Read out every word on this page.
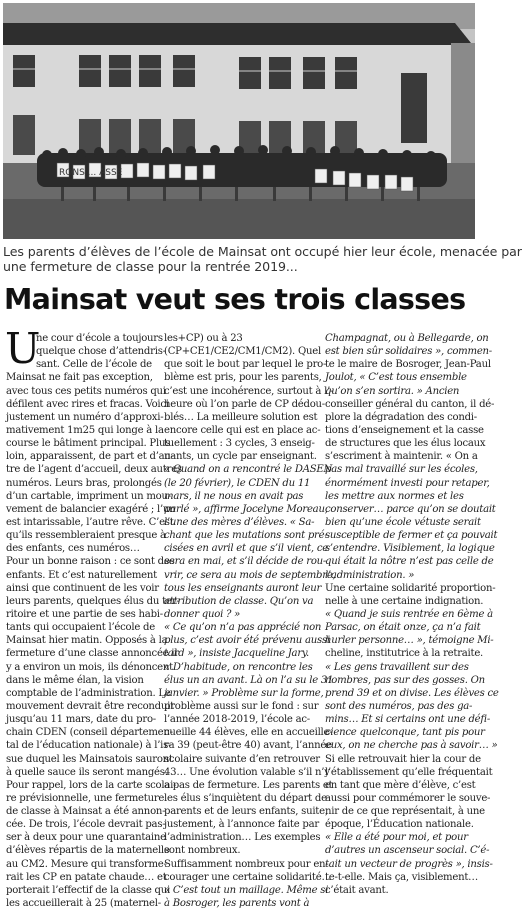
RONS ... ASSE
Les parents d’élèves de l’école de Mainsat ont occupé hier leur école, menacée par
une fermeture de classe pour la rentrée 2019...
Mainsat veut ses trois classes
U
ne cour d’école a toujours
quelque chose d’attendris-
sant. Celle de l’école de
Mainsat ne fait pas exception,
avec tous ces petits numéros qui
défilent avec rires et fracas. Voici
justement un numéro d’approxi-
mativement 1m25 qui longe à la
course le bâtiment principal. Plus
loin, apparaissent, de part et d’au-
tre de l’agent d’accueil, deux autres
numéros. Leurs bras, prolongés
d’un cartable, impriment un mou-
vement de balancier exagéré ; l’un
est intarissable, l’autre rêve. C’est
qu’ils ressembleraient presque à
des enfants, ces numéros…
Pour un bonne raison : ce sont des
enfants. Et c’est naturellement
ainsi que continuent de les voir
leurs parents, quelques élus du ter-
ritoire et une partie de ses habi-
tants qui occupaient l’école de
Mainsat hier matin. Opposés à la
fermeture d’une classe annoncée il
y a environ un mois, ils dénoncent
dans le même élan, la vision
comptable de l’administration. Le
mouvement devrait être reconduit
jusqu’au 11 mars, date du pro-
chain CDEN (conseil départemen-
tal de l’éducation nationale) à l’is-
sue duquel les Mainsatois sauront
à quelle sauce ils seront mangés.
Pour rappel, lors de la carte scolai-
re prévisionnelle, une fermeture
de classe à Mainsat a été annon-
cée. De trois, l’école devrait pas-
ser à deux pour une quarantaine
d’élèves répartis de la maternelle
au CM2. Mesure qui transforme-
rait les CP en patate chaude… et
porterait l’effectif de la classe qui
les accueillerait à 25 (maternel-
les+CP) ou à 23
(CP+CE1/CE2/CM1/CM2). Quel
que soit le bout par lequel le pro-
blème est pris, pour les parents,
c’est une incohérence, surtout à l’-
heure où l’on parle de CP dédou-
blés… La meilleure solution est
encore celle qui est en place ac-
tuellement : 3 cycles, 3 enseig-
nants, un cycle par enseignant.
« Quand on a rencontré le DASEN
(le 20 février), le CDEN du 11
mars, il ne nous en avait pas
parlé », affirme Jocelyne Moreau,
l’une des mères d’élèves. « Sa-
chant que les mutations sont pré-
cisées en avril et que s’il vient, ce
sera en mai, et s’il décide de rou-
vrir, ce sera au mois de septembre,
tous les enseignants auront leur
attribution de classe. Qu’on va
donner quoi ? »
« Ce qu’on n’a pas apprécié non
plus, c’est avoir été prévenu aussi
tard », insiste Jacqueline Jary.
« D’habitude, on rencontre les
élus un an avant. Là on l’a su le 31
janvier. » Problème sur la forme,
problème aussi sur le fond : sur
l’année 2018-2019, l’école ac-
cueille 44 élèves, elle en accueille-
ra 39 (peut-être 40) avant, l’année
scolaire suivante d’en retrouver
43… Une évolution valable s’il n’y
a pas de fermeture. Les parents et
les élus s’inquiètent du départ de
parents et de leurs enfants, suite,
justement, à l’annonce faite par
l’administration… Les exemples
sont nombreux.
Suffisamment nombreux pour en-
courager une certaine solidarité…
« C’est tout un maillage. Même si
à Bosroger, les parents vont à
Champagnat, ou à Bellegarde, on
est bien sûr solidaires », commen-
te le maire de Bosroger, Jean-Paul
Joulot, « C’est tous ensemble
qu’on s’en sortira. » Ancien
conseiller général du canton, il dé-
plore la dégradation des condi-
tions d’enseignement et la casse
de structures que les élus locaux
s’escriment à maintenir. « On a
pas mal travaillé sur les écoles,
énormément investi pour retaper,
les mettre aux normes et les
conserver… parce qu’on se doutait
bien qu’une école vétuste serait
susceptible de fermer et ça pouvait
s’entendre. Visiblement, la logique
qui était la nôtre n’est pas celle de
l’administration. »
Une certaine solidarité proportion-
nelle à une certaine indignation.
« Quand je suis rentrée en 6ème à
Parsac, on était onze, ça n’a fait
hurler personne… », témoigne Mi-
cheline, institutrice à la retraite.
« Les gens travaillent sur des
nombres, pas sur des gosses. On
prend 39 et on divise. Les élèves ce
sont des numéros, pas des ga-
mins… Et si certains ont une défi-
cience quelconque, tant pis pour
eux, on ne cherche pas à savoir… »
Si elle retrouvait hier la cour de
l’établissement qu’elle fréquentait
en tant que mère d’élève, c’est
aussi pour commémorer le souve-
nir de ce que représentait, à une
époque, l’Éducation nationale.
« Elle a été pour moi, et pour
d’autres un ascenseur social. C’é-
tait un vecteur de progrès », insis-
te-t-elle. Mais ça, visiblement…
c’était avant.
